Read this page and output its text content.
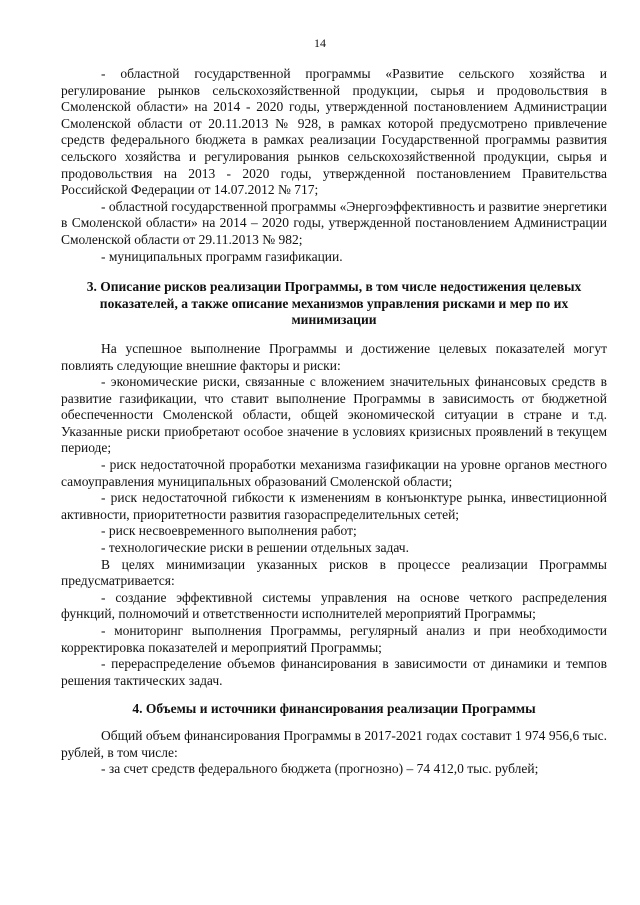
14

- областной государственной программы «Развитие сельского хозяйства и регулирование рынков сельскохозяйственной продукции, сырья и продовольствия в Смоленской области» на 2014 - 2020 годы, утвержденной постановлением Администрации Смоленской области от 20.11.2013 № 928, в рамках которой предусмотрено привлечение средств федерального бюджета в рамках реализации Государственной программы развития сельского хозяйства и регулирования рынков сельскохозяйственной продукции, сырья и продовольствия на 2013 - 2020 годы, утвержденной постановлением Правительства Российской Федерации от 14.07.2012 № 717;

- областной государственной программы «Энергоэффективность и развитие энергетики в Смоленской области» на 2014 – 2020 годы, утвержденной постановлением Администрации Смоленской области от 29.11.2013 № 982;

- муниципальных программ газификации.

3. Описание рисков реализации Программы, в том числе недостижения целевых показателей, а также описание механизмов управления рисками и мер по их минимизации

На успешное выполнение Программы и достижение целевых показателей могут повлиять следующие внешние факторы и риски:

- экономические риски, связанные с вложением значительных финансовых средств в развитие газификации, что ставит выполнение Программы в зависимость от бюджетной обеспеченности Смоленской области, общей экономической ситуации в стране и т.д. Указанные риски приобретают особое значение в условиях кризисных проявлений в текущем периоде;

- риск недостаточной проработки механизма газификации на уровне органов местного самоуправления муниципальных образований Смоленской области;

- риск недостаточной гибкости к изменениям в конъюнктуре рынка, инвестиционной активности, приоритетности развития газораспределительных сетей;

- риск несвоевременного выполнения работ;

- технологические риски в решении отдельных задач.

В целях минимизации указанных рисков в процессе реализации Программы предусматривается:

- создание эффективной системы управления на основе четкого распределения функций, полномочий и ответственности исполнителей мероприятий Программы;

- мониторинг выполнения Программы, регулярный анализ и при необходимости корректировка показателей и мероприятий Программы;

- перераспределение объемов финансирования в зависимости от динамики и темпов решения тактических задач.

4. Объемы и источники финансирования реализации Программы

Общий объем финансирования Программы в 2017-2021 годах составит 1 974 956,6 тыс. рублей, в том числе:

- за счет средств федерального бюджета (прогнозно) – 74 412,0 тыс. рублей;
